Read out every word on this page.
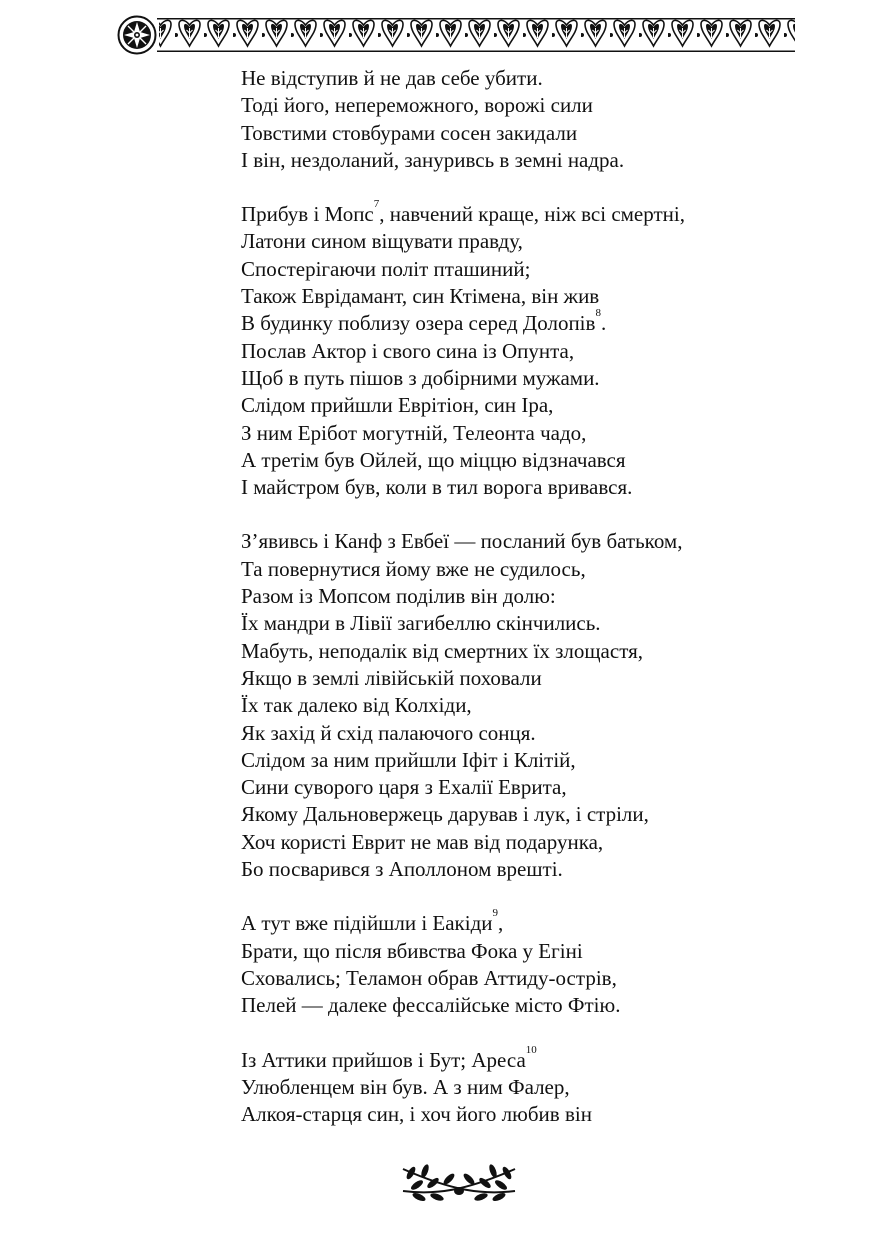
Не відступив й не дав себе убити.
Тоді його, непереможного, ворожі сили
Товстими стовбурами сосен закидали
І він, нездоланий, зануривсь в земні надра.
Прибув і Мопс$^7$, навчений краще, ніж всі смертні,
Латони сином віщувати правду,
Спостерігаючи політ пташиний;
Також Еврідамант, син Ктімена, він жив
В будинку поблизу озера серед Долопів$^8$.
Послав Актор і свого сина із Опунта,
Щоб в путь пішов з добірними мужами.
Слідом прийшли Еврітіон, син Іра,
З ним Ерібот могутній, Телеонта чадо,
А третім був Ойлей, що міццю відзначався
І майстром був, коли в тил ворога вривався.
З’явивсь і Канф з Евбеї — посланий був батьком,
Та повернутися йому вже не судилось,
Разом із Мопсом поділив він долю:
Їх мандри в Лівії загибеллю скінчились.
Мабуть, неподалік від смертних їх злощастя,
Якщо в землі лівійській поховали
Їх так далеко від Колхіди,
Як захід й схід палаючого сонця.
Слідом за ним прийшли Іфіт і Клітій,
Сини суворого царя з Ехалії Еврита,
Якому Дальновержець дарував і лук, і стріли,
Хоч користі Еврит не мав від подарунка,
Бо посварився з Аполлоном врешті.
А тут вже підійшли і Еакіди$^9$,
Брати, що після вбивства Фока у Егіні
Сховались; Теламон обрав Аттиду-острів,
Пелей — далеке фессалійське місто Фтію.
Із Аттики прийшов і Бут; Ареса$^{10}$
Улюбленцем він був. А з ним Фалер,
Алкоя-старця син, і хоч його любив він
